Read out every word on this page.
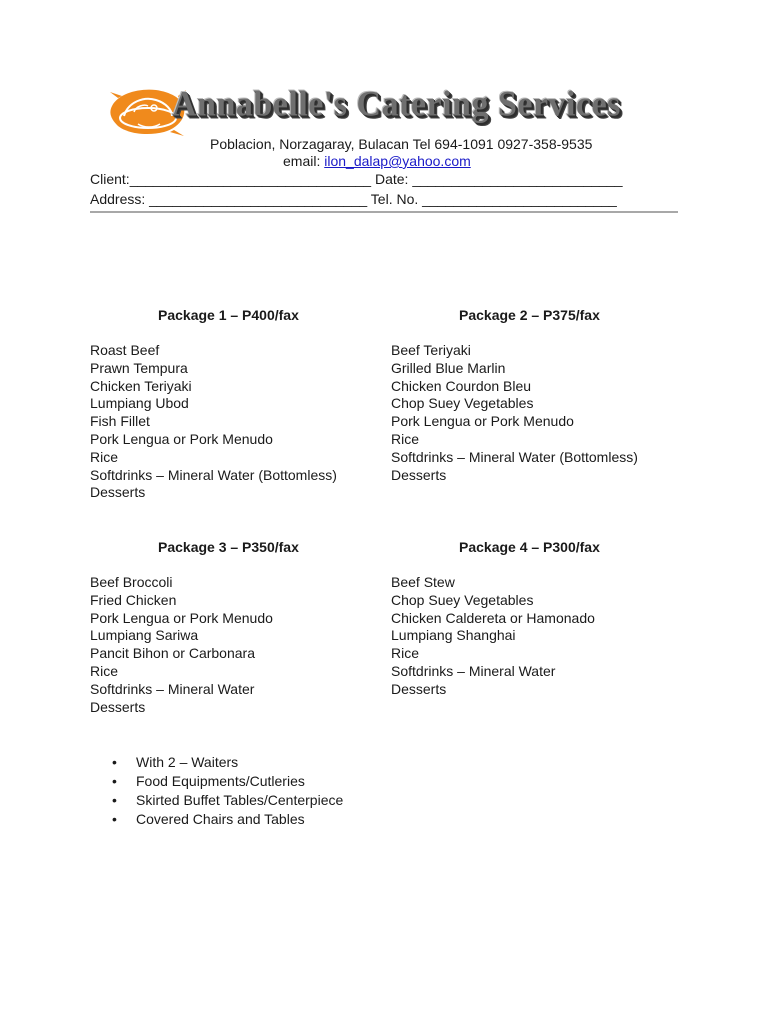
Annabelle's Catering Services
Poblacion, Norzagaray, Bulacan Tel 694-1091 0927-358-9535
email: ilon_dalap@yahoo.com
Client:_______________________________ Date: ___________________________
Address: ____________________________ Tel. No. _________________________
Package 1 – P400/fax
Roast Beef
Prawn Tempura
Chicken Teriyaki
Lumpiang Ubod
Fish Fillet
Pork Lengua or Pork Menudo
Rice
Softdrinks – Mineral Water (Bottomless)
Desserts
Package 2 – P375/fax
Beef Teriyaki
Grilled Blue Marlin
Chicken Courdon Bleu
Chop Suey Vegetables
Pork Lengua or Pork Menudo
Rice
Softdrinks – Mineral Water (Bottomless)
Desserts
Package 3 – P350/fax
Beef Broccoli
Fried Chicken
Pork Lengua or Pork Menudo
Lumpiang Sariwa
Pancit Bihon or Carbonara
Rice
Softdrinks – Mineral Water
Desserts
Package 4 – P300/fax
Beef Stew
Chop Suey Vegetables
Chicken Caldereta or Hamonado
Lumpiang Shanghai
Rice
Softdrinks – Mineral Water
Desserts
• With 2 – Waiters
• Food Equipments/Cutleries
• Skirted Buffet Tables/Centerpiece
• Covered Chairs and Tables
